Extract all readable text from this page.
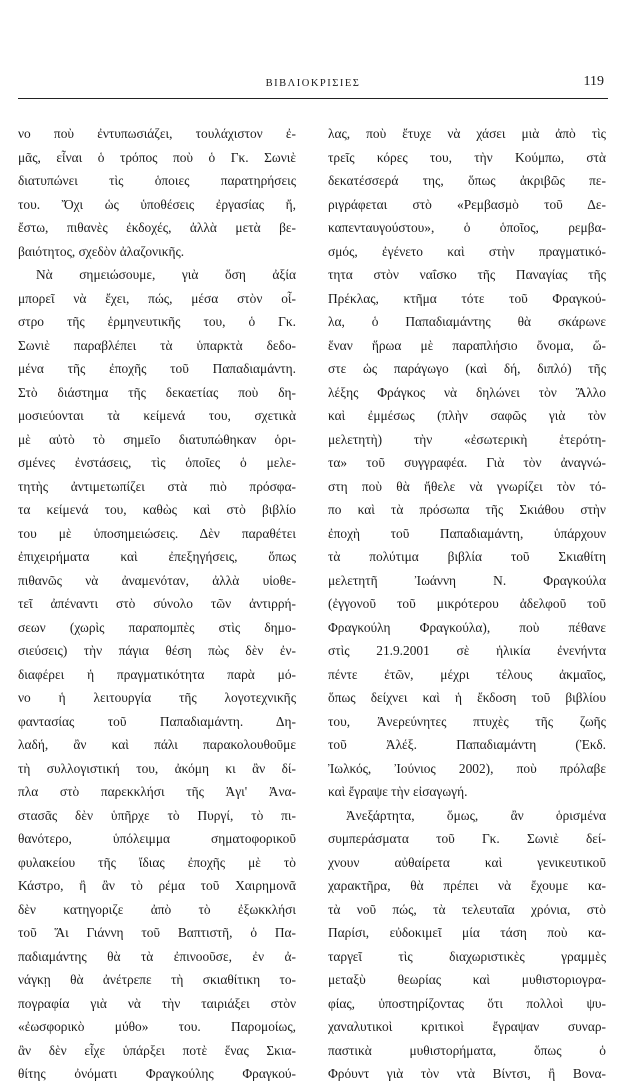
ΒΙΒΛΙΟΚΡΙΣΙΕΣ	119
νο ποὺ ἐντυπωσιάζει, τουλάχιστον ἐ-
μᾶς, εἶναι ὁ τρόπος ποὺ ὁ Γκ. Σωνιὲ
διατυπώνει τὶς ὁποιες παρατηρήσεις
του. Ὄχι ὡς ὑποθέσεις ἐργασίας ἤ,
ἔστω, πιθανὲς ἐκδοχές, ἀλλὰ μετὰ βε-
βαιότητος, σχεδὸν ἀλαζονικῆς.
Νὰ σημειώσουμε, γιὰ ὅση ἀξία
μπορεῖ νὰ ἔχει, πώς, μέσα στὸν οἶ-
στρο τῆς ἑρμηνευτικῆς του, ὁ Γκ.
Σωνιὲ παραβλέπει τὰ ὑπαρκτὰ δεδο-
μένα τῆς ἐποχῆς τοῦ Παπαδιαμάντη.
Στὸ διάστημα τῆς δεκαετίας ποὺ δη-
μοσιεύονται τὰ κείμενά του, σχετικὰ
μὲ αὐτὸ τὸ σημεῖο διατυπώθηκαν ὁρι-
σμένες ἐνστάσεις, τὶς ὁποῖες ὁ μελε-
τητὴς ἀντιμετωπίζει στὰ πιὸ πρόσφα-
τα κείμενά του, καθὼς καὶ στὸ βιβλίο
του μὲ ὑποσημειώσεις. Δὲν παραθέτει
ἐπιχειρήματα καὶ ἐπεξηγήσεις, ὅπως
πιθανῶς νὰ ἀναμενόταν, ἀλλὰ υἱοθε-
τεῖ ἀπέναντι στὸ σύνολο τῶν ἀντιρρή-
σεων (χωρὶς παραπομπὲς στὶς δημο-
σιεύσεις) τὴν πάγια θέση πὼς δὲν ἐν-
διαφέρει ἡ πραγματικότητα παρὰ μό-
νο ἡ λειτουργία τῆς λογοτεχνικῆς
φαντασίας τοῦ Παπαδιαμάντη. Δη-
λαδή, ἂν καὶ πάλι παρακολουθοῦμε
τὴ συλλογιστική του, ἀκόμη κι ἂν δί-
πλα στὸ παρεκκλήσι τῆς Ἁγι' Ἀνα-
στασᾶς δὲν ὑπῆρχε τὸ Πυργί, τὸ πι-
θανότερο, ὑπόλειμμα σηματοφορικοῦ
φυλακείου τῆς ἴδιας ἐποχῆς μὲ τὸ
Κάστρο, ἢ ἂν τὸ ρέμα τοῦ Χαιρημονᾶ
δὲν κατηγοριζε ἀπὸ τὸ ἐξωκκλήσι
τοῦ Ἅι Γιάννη τοῦ Βαπτιστῆ, ὁ Πα-
παδιαμάντης θὰ τὰ ἐπινοοῦσε, ἐν ἀ-
νάγκῃ θὰ ἀνέτρεπε τὴ σκιαθίτικη το-
πογραφία γιὰ νὰ τὴν ταιριάξει στὸν
«ἐωσφορικὸ μύθο» του. Παρομοίως,
ἂν δὲν εἶχε ὑπάρξει ποτὲ ἕνας Σκια-
θίτης ὀνόματι Φραγκούλης Φραγκού-
λας, ποὺ ἔτυχε νὰ χάσει μιὰ ἀπὸ τὶς
τρεῖς κόρες του, τὴν Κούμπω, στὰ
δεκατέσσερά της, ὅπως ἀκριβῶς πε-
ριγράφεται στὸ «Ρεμβασμὸ τοῦ Δε-
καπενταυγούστου», ὁ ὁποῖος, ρεμβα-
σμός, ἐγένετο καὶ στὴν πραγματικό-
τητα στὸν ναΐσκο τῆς Παναγίας τῆς
Πρέκλας, κτῆμα τότε τοῦ Φραγκού-
λα, ὁ Παπαδιαμάντης θὰ σκάρωνε
ἕναν ἥρωα μὲ παραπλήσιο ὄνομα, ὥ-
στε ὡς παράγωγο (καὶ δή, διπλό) τῆς
λέξης Φράγκος νὰ δηλώνει τὸν Ἄλλο
καὶ ἐμμέσως (πλὴν σαφῶς γιὰ τὸν
μελετητὴ) τὴν «ἐσωτερικὴ ἑτερότη-
τα» τοῦ συγγραφέα. Γιὰ τὸν ἀναγνώ-
στη ποὺ θὰ ἤθελε νὰ γνωρίζει τὸν τό-
πο καὶ τὰ πρόσωπα τῆς Σκιάθου στὴν
ἐποχὴ τοῦ Παπαδιαμάντη, ὑπάρχουν
τὰ πολύτιμα βιβλία τοῦ Σκιαθίτη
μελετητῆ Ἰωάννη Ν. Φραγκούλα
(ἐγγονοῦ τοῦ μικρότερου ἀδελφοῦ τοῦ
Φραγκούλη Φραγκούλα), ποὺ πέθανε
στὶς 21.9.2001 σὲ ἡλικία ἐνενήντα
πέντε ἐτῶν, μέχρι τέλους ἀκμαῖος,
ὅπως δείχνει καὶ ἡ ἔκδοση τοῦ βιβλίου
του, Ἀνερεύνητες πτυχὲς τῆς ζωῆς
τοῦ Ἀλέξ. Παπαδιαμάντη (Ἐκδ.
Ἰωλκός, Ἰούνιος 2002), ποὺ πρόλαβε
καὶ ἔγραψε τὴν εἰσαγωγή.
Ἀνεξάρτητα, ὅμως, ἂν ὁρισμένα
συμπεράσματα τοῦ Γκ. Σωνιὲ δεί-
χνουν αὐθαίρετα καὶ γενικευτικοῦ
χαρακτῆρα, θὰ πρέπει νὰ ἔχουμε κα-
τὰ νοῦ πώς, τὰ τελευταῖα χρόνια, στὸ
Παρίσι, εὐδοκιμεῖ μία τάση ποὺ κα-
ταργεῖ τὶς διαχωριστικὲς γραμμὲς
μεταξὺ θεωρίας καὶ μυθιστοριογρα-
φίας, ὑποστηρίζοντας ὅτι πολλοὶ ψυ-
χαναλυτικοὶ κριτικοὶ ἔγραψαν συναρ-
παστικὰ μυθιστορήματα, ὅπως ὁ
Φρόυντ γιὰ τὸν ντὰ Βίντσι, ἢ Βονα-
